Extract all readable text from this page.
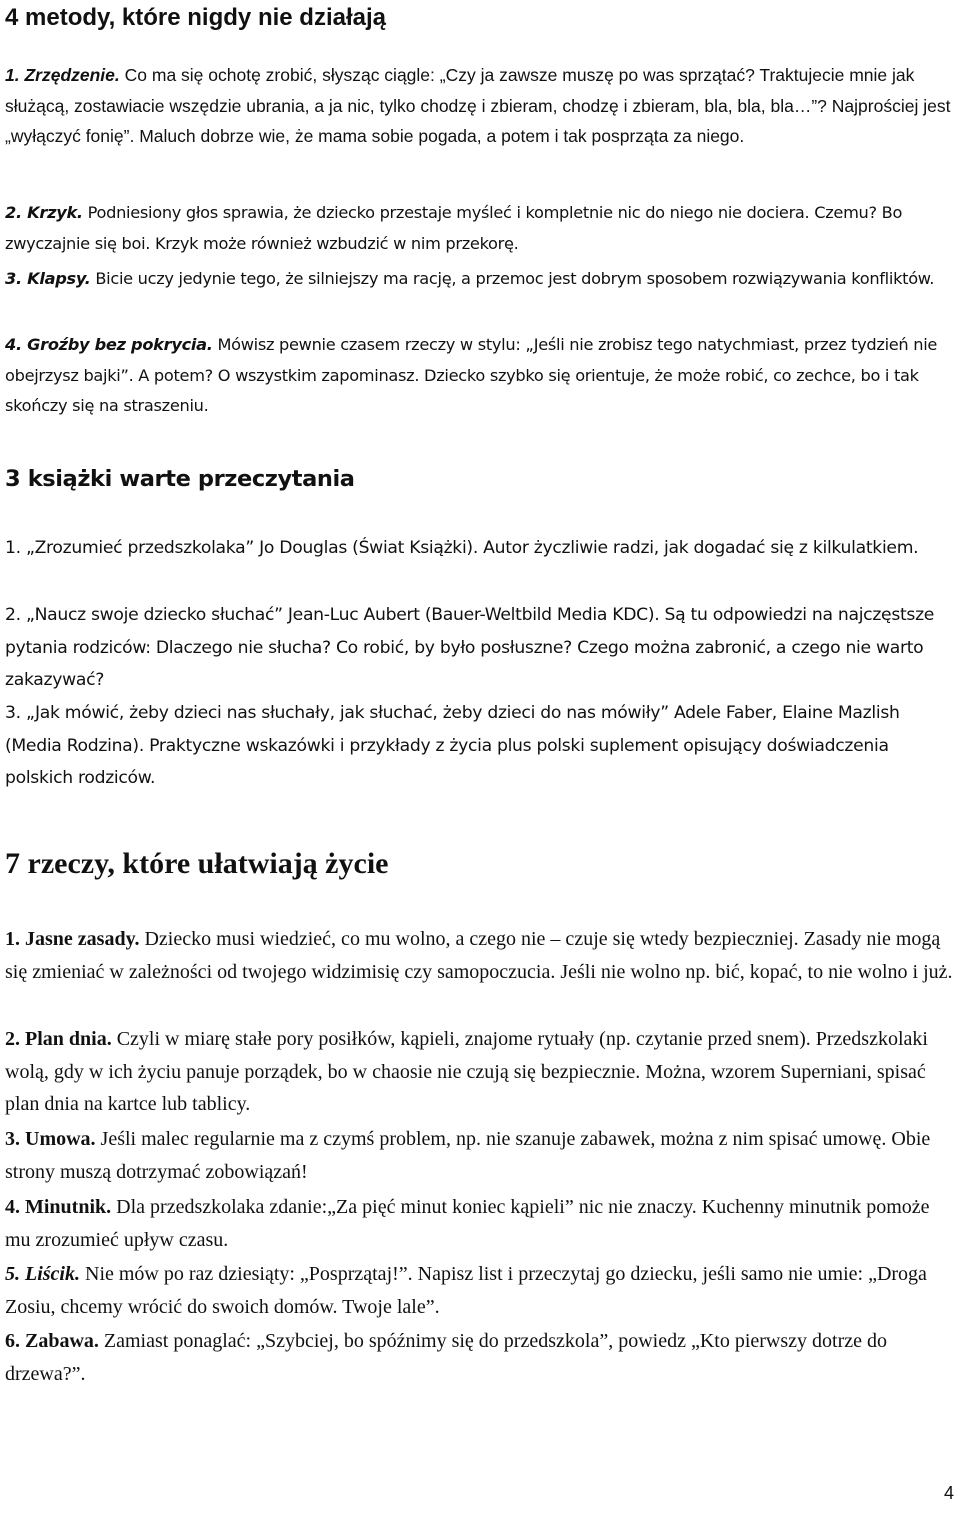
4 metody, które nigdy nie działają

1. Zrzędzenie. Co ma się ochotę zrobić, słysząc ciągle: „Czy ja zawsze muszę po was sprzątać? Traktujecie mnie jak służącą, zostawiacie wszędzie ubrania, a ja nic, tylko chodzę i zbieram, chodzę i zbieram, bla, bla, bla…”? Najprościej jest „wyłączyć fonię”. Maluch dobrze wie, że mama sobie pogada, a potem i tak posprząta za niego.

2. Krzyk. Podniesiony głos sprawia, że dziecko przestaje myśleć i kompletnie nic do niego nie dociera. Czemu? Bo zwyczajnie się boi. Krzyk może również wzbudzić w nim przekorę.

3. Klapsy. Bicie uczy jedynie tego, że silniejszy ma rację, a przemoc jest dobrym sposobem rozwiązywania konfliktów.

4. Groźby bez pokrycia. Mówisz pewnie czasem rzeczy w stylu: „Jeśli nie zrobisz tego natychmiast, przez tydzień nie obejrzysz bajki”. A potem? O wszystkim zapominasz. Dziecko szybko się orientuje, że może robić, co zechce, bo i tak skończy się na straszeniu.

3 książki warte przeczytania

1. „Zrozumieć przedszkolaka” Jo Douglas (Świat Książki). Autor życzliwie radzi, jak dogadać się z kilkulatkiem.

2. „Naucz swoje dziecko słuchać” Jean-Luc Aubert (Bauer-Weltbild Media KDC). Są tu odpowiedzi na najczęstsze pytania rodziców: Dlaczego nie słucha? Co robić, by było posłuszne? Czego można zabronić, a czego nie warto zakazywać?

3. „Jak mówić, żeby dzieci nas słuchały, jak słuchać, żeby dzieci do nas mówiły” Adele Faber, Elaine Mazlish (Media Rodzina). Praktyczne wskazówki i przykłady z życia plus polski suplement opisujący doświadczenia polskich rodziców.

7 rzeczy, które ułatwiają życie

1. Jasne zasady. Dziecko musi wiedzieć, co mu wolno, a czego nie – czuje się wtedy bezpieczniej. Zasady nie mogą się zmieniać w zależności od twojego widzimisię czy samopoczucia. Jeśli nie wolno np. bić, kopać, to nie wolno i już.

2. Plan dnia. Czyli w miarę stałe pory posiłków, kąpieli, znajome rytuały (np. czytanie przed snem). Przedszkolaki wolą, gdy w ich życiu panuje porządek, bo w chaosie nie czują się bezpiecznie. Można, wzorem Superniani, spisać plan dnia na kartce lub tablicy.

3. Umowa. Jeśli malec regularnie ma z czymś problem, np. nie szanuje zabawek, można z nim spisać umowę. Obie strony muszą dotrzymać zobowiązań!

4. Minutnik. Dla przedszkolaka zdanie:„Za pięć minut koniec kąpieli” nic nie znaczy. Kuchenny minutnik pomoże mu zrozumieć upływ czasu.

5. Liścik. Nie mów po raz dziesiąty: „Posprzątaj!”. Napisz list i przeczytaj go dziecku, jeśli samo nie umie: „Droga Zosiu, chcemy wrócić do swoich domów. Twoje lale”.

6. Zabawa. Zamiast ponaglać: „Szybciej, bo spóźnimy się do przedszkola”, powiedz „Kto pierwszy dotrze do drzewa?”.

4
